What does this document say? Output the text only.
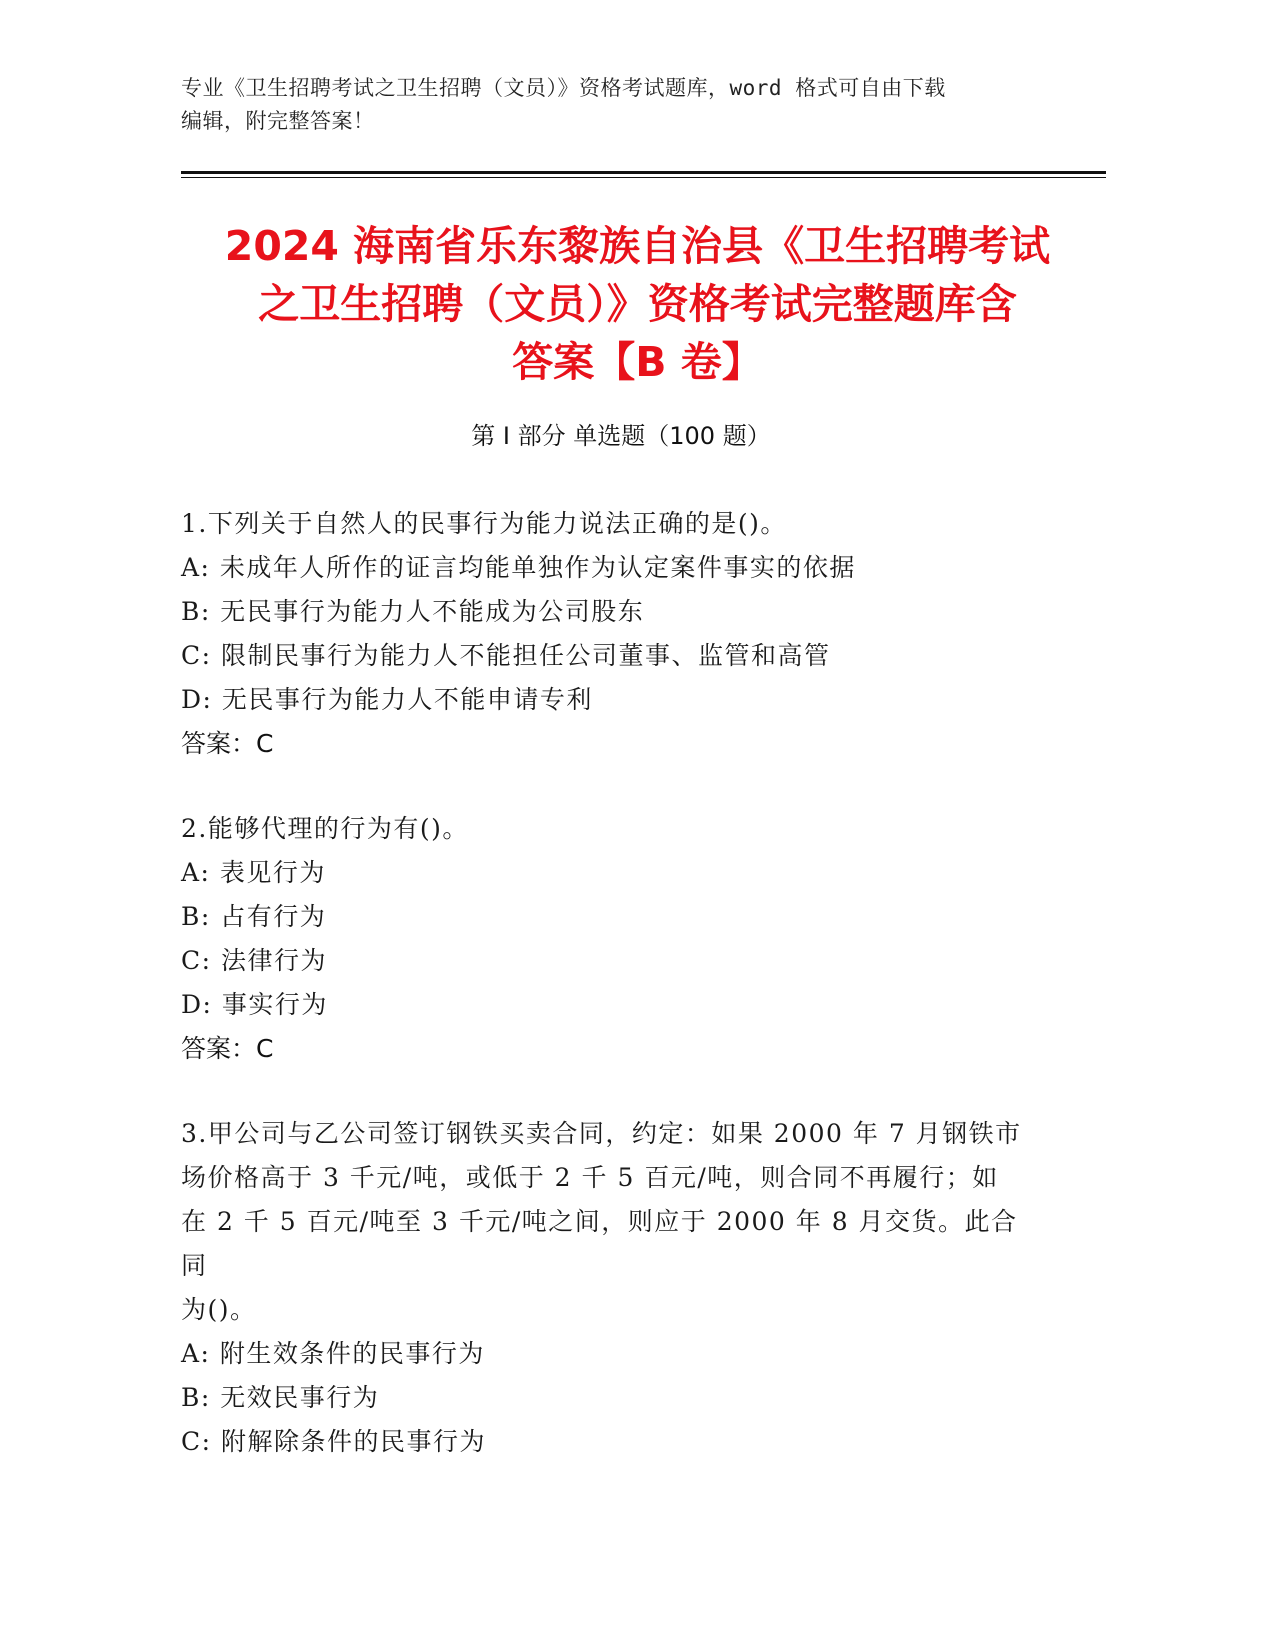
专业《卫生招聘考试之卫生招聘（文员）》资格考试题库，word 格式可自由下载
编辑，附完整答案！
2024 海南省乐东黎族自治县《卫生招聘考试
之卫生招聘（文员）》资格考试完整题库含
答案【B 卷】
第 I 部分 单选题（100 题）

1.下列关于自然人的民事行为能力说法正确的是()。

A: 未成年人所作的证言均能单独作为认定案件事实的依据

B: 无民事行为能力人不能成为公司股东

C: 限制民事行为能力人不能担任公司董事、监管和高管

D: 无民事行为能力人不能申请专利

答案：C

2.能够代理的行为有()。

A: 表见行为

B: 占有行为

C: 法律行为

D: 事实行为

答案：C

3.甲公司与乙公司签订钢铁买卖合同，约定：如果 2000 年 7 月钢铁市

场价格高于 3 千元/吨，或低于 2 千 5 百元/吨，则合同不再履行；如

在 2 千 5 百元/吨至 3 千元/吨之间，则应于 2000 年 8 月交货。此合同

为()。

A: 附生效条件的民事行为

B: 无效民事行为

C: 附解除条件的民事行为
